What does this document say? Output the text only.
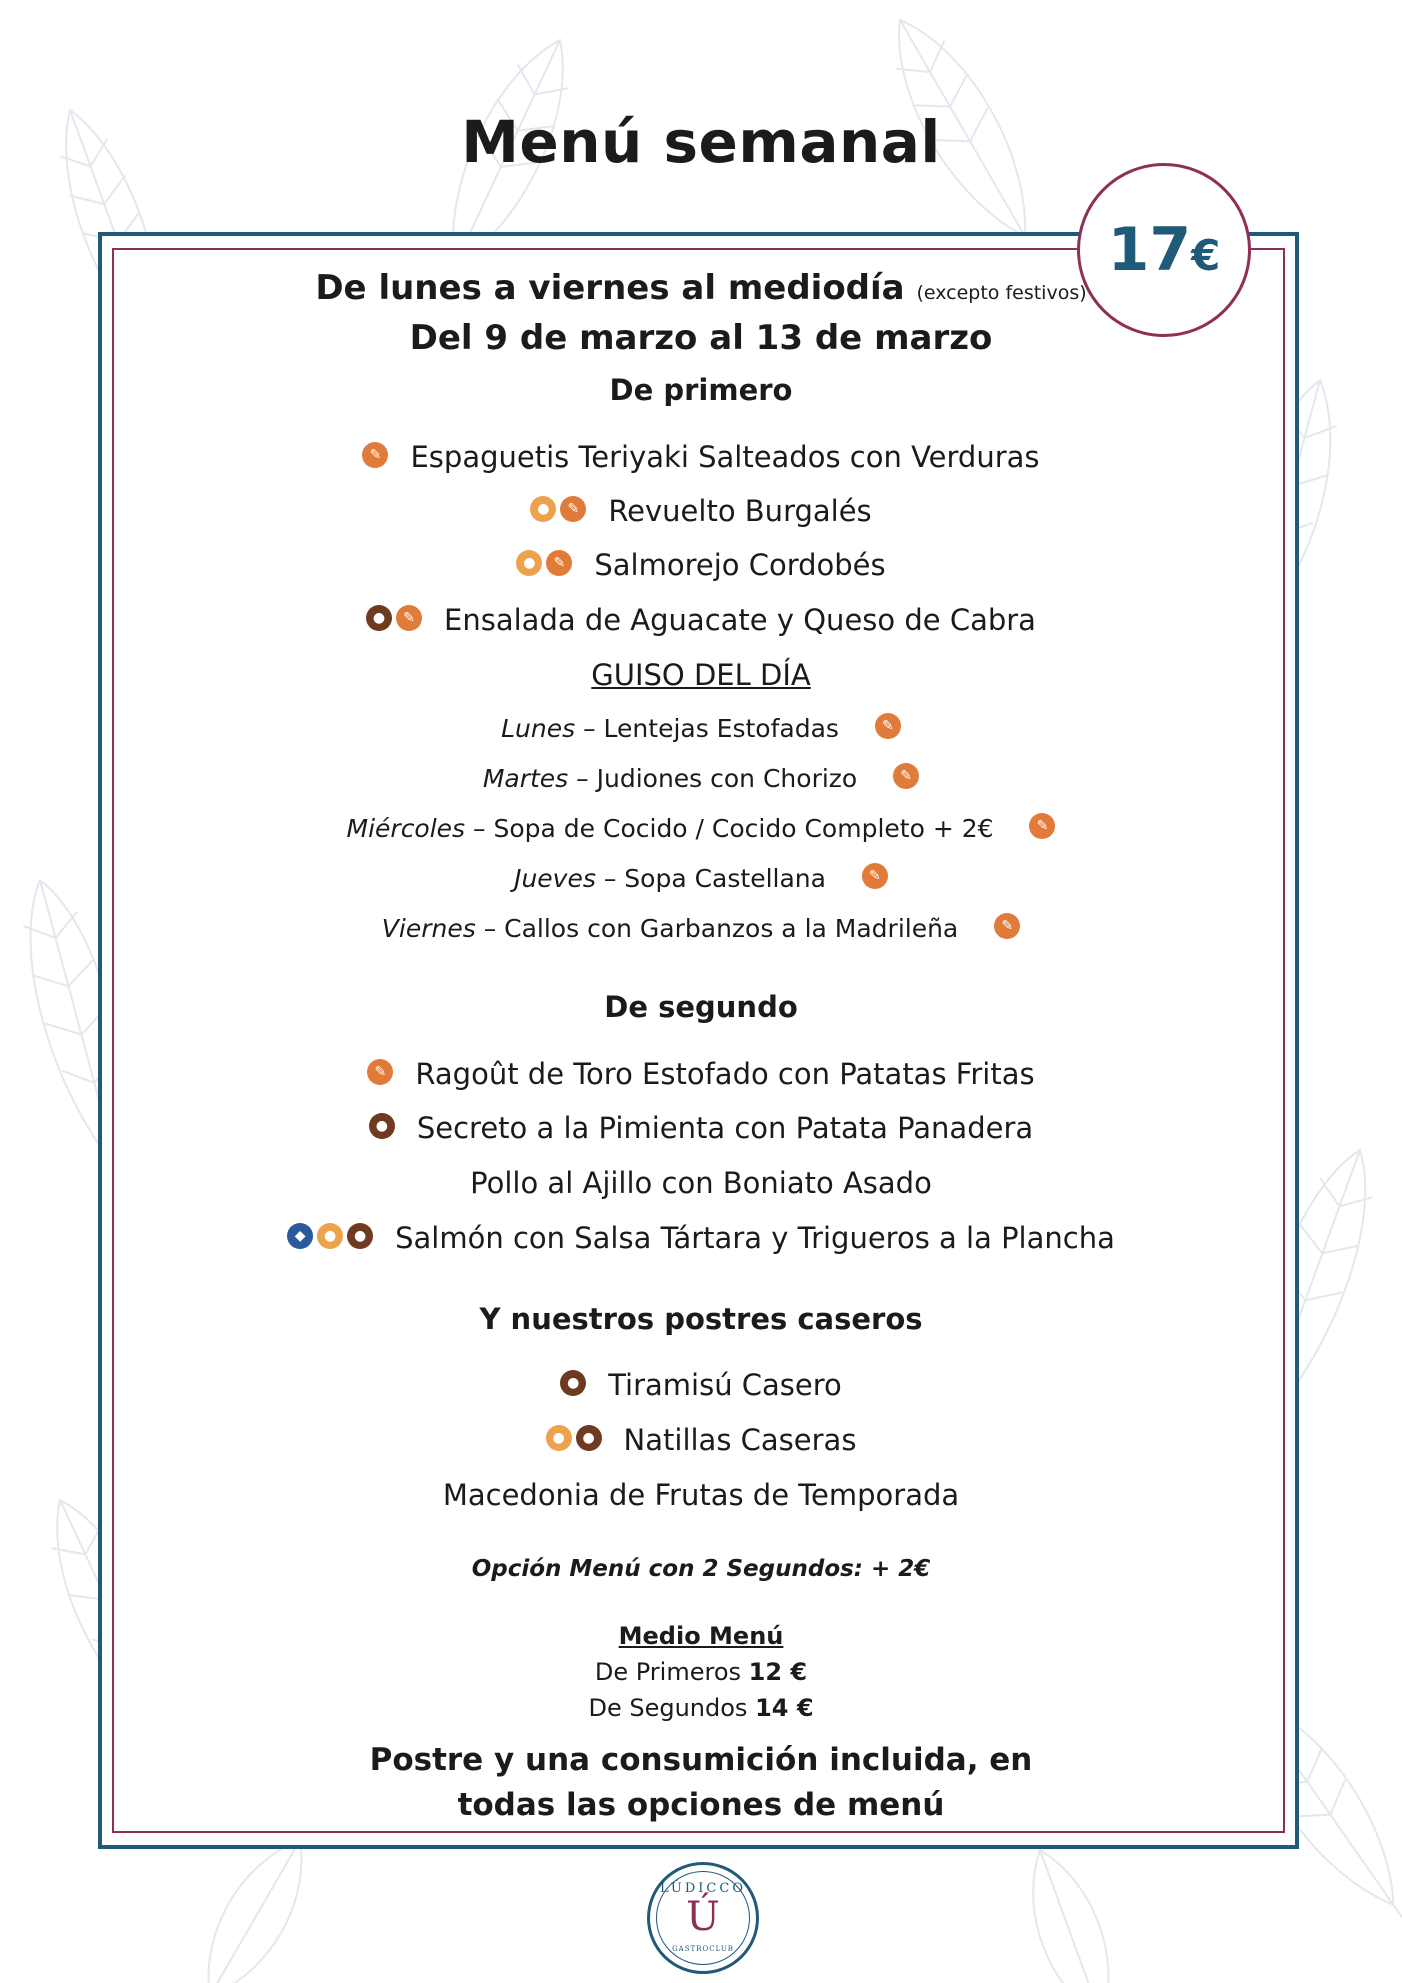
Menú semanal
17 €
De lunes a viernes al mediodía (excepto festivos)
Del 9 de marzo al 13 de marzo
De primero
✎ Espaguetis Teriyaki Salteados con Verduras
●	✎ Revuelto Burgalés
●	✎ Salmorejo Cordobés
●	✎ Ensalada de Aguacate y Queso de Cabra
GUISO DEL DÍA
Lunes – Lentejas Estofadas	✎
Martes – Judiones con Chorizo	✎
Miércoles – Sopa de Cocido / Cocido Completo + 2€	✎
Jueves – Sopa Castellana	✎
Viernes – Callos con Garbanzos a la Madrileña	✎
De segundo
✎ Ragoût de Toro Estofado con Patatas Fritas
● Secreto a la Pimienta con Patata Panadera
Pollo al Ajillo con Boniato Asado
◆	●	● Salmón con Salsa Tártara y Trigueros a la Plancha
Y nuestros postres caseros
● Tiramisú Casero
●	● Natillas Caseras
Macedonia de Frutas de Temporada
Opción Menú con 2 Segundos: + 2€
Medio Menú
De Primeros 12 €
De Segundos 14 €
Postre y una consumición incluida, en
todas las opciones de menú
LÚDICCO
Ú
GASTROCLUB
